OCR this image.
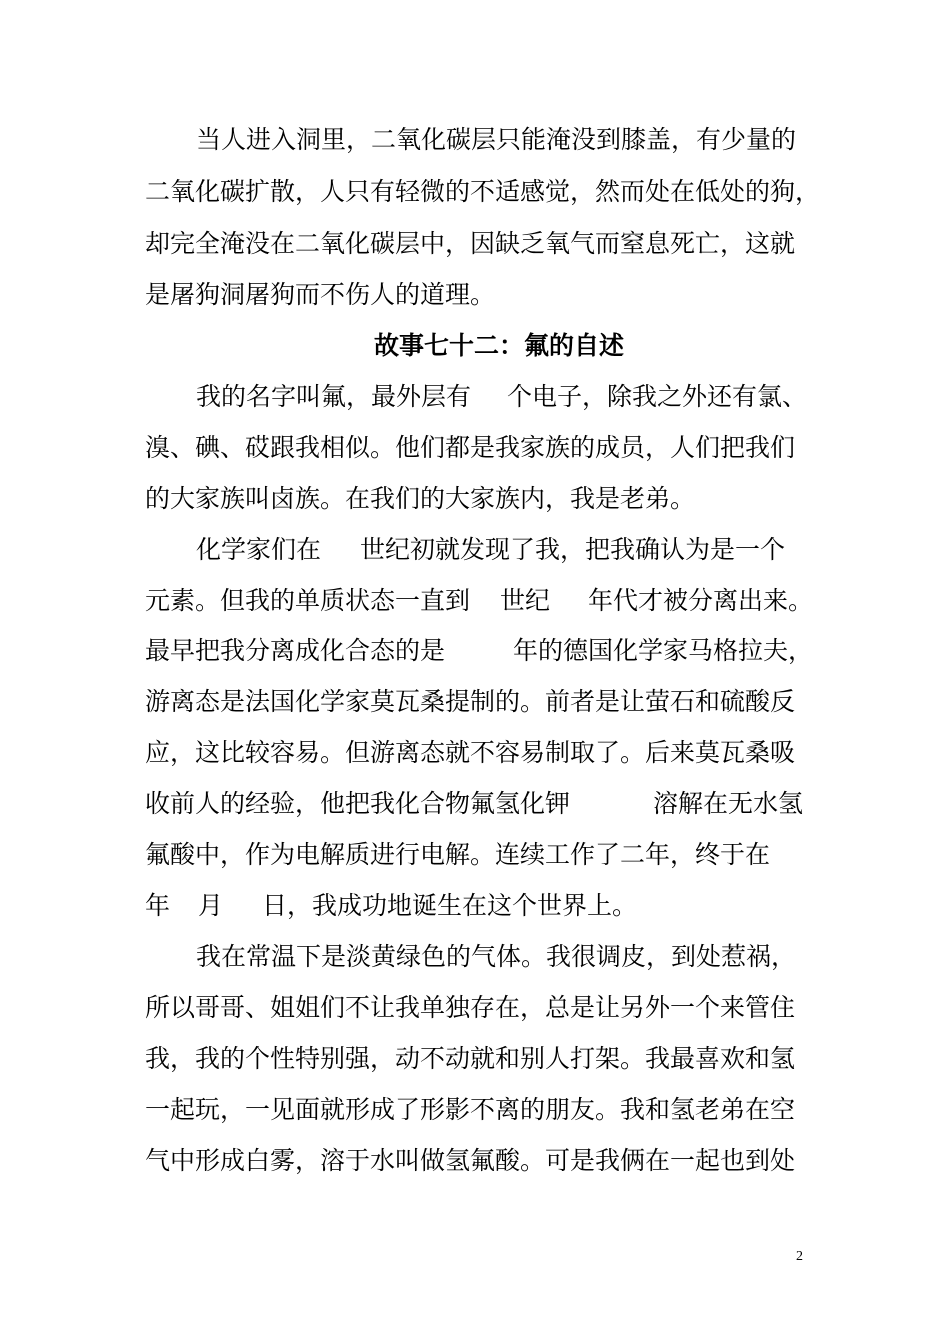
当人进入洞里，二氧化碳层只能淹没到膝盖，有少量的

二氧化碳扩散，人只有轻微的不适感觉，然而处在低处的狗，

却完全淹没在二氧化碳层中，因缺乏氧气而窒息死亡，这就

是屠狗洞屠狗而不伤人的道理。

故事七十二：氟的自述

我的名字叫氟，最外层有

个电子，除我之外还有氯、

溴、碘、砹跟我相似。他们都是我家族的成员，人们把我们

的大家族叫卤族。在我们的大家族内，我是老弟。

化学家们在

世纪初就发现了我，把我确认为是一个

元素。但我的单质状态一直到

世纪

年代才被分离出来。

最早把我分离成化合态的是

	年的德国化学家马格拉夫，

游离态是法国化学家莫瓦桑提制的。前者是让萤石和硫酸反

应，这比较容易。但游离态就不容易制取了。后来莫瓦桑吸

收前人的经验，他把我化合物氟氢化钾

	溶解在无水氢

氟酸中，作为电解质进行电解。连续工作了二年，终于在

年

月

日，我成功地诞生在这个世界上。

我在常温下是淡黄绿色的气体。我很调皮，到处惹祸，

所以哥哥、姐姐们不让我单独存在，总是让另外一个来管住

我，我的个性特别强，动不动就和别人打架。我最喜欢和氢

一起玩，一见面就形成了形影不离的朋友。我和氢老弟在空

气中形成白雾，溶于水叫做氢氟酸。可是我俩在一起也到处

2
